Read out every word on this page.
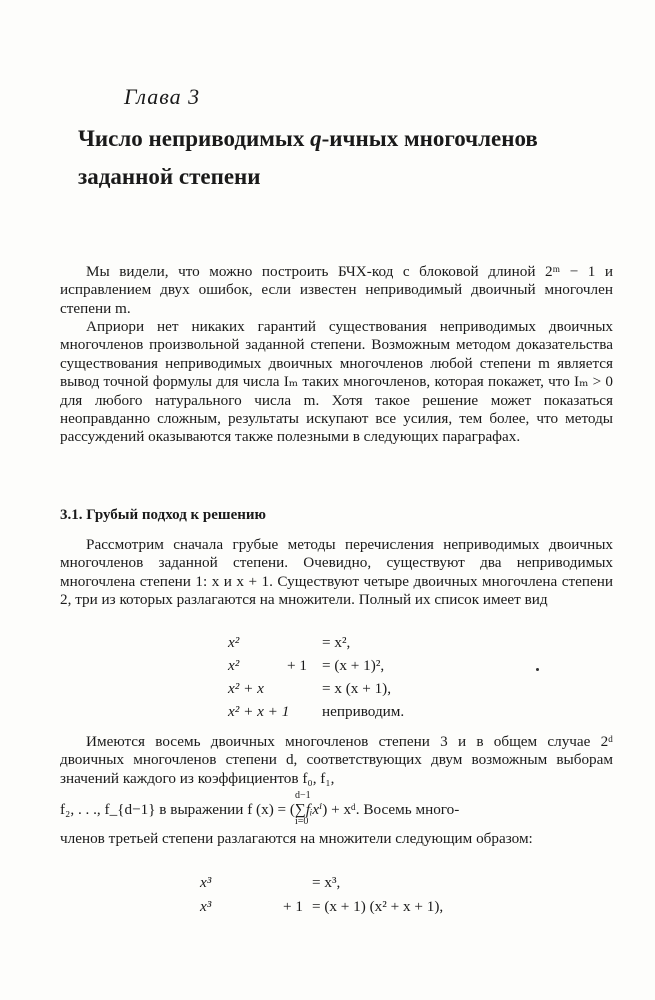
Глава 3
Число неприводимых q-ичных многочленов
заданной степени

Мы видели, что можно построить БЧХ-код с блоковой длиной 2ᵐ − 1 и исправлением двух ошибок, если известен неприводимый двоичный многочлен степени m.

Априори нет никаких гарантий существования неприводимых двоичных многочленов произвольной заданной степени. Возможным методом доказательства существования неприводимых двоичных многочленов любой степени m является вывод точной формулы для числа Iₘ таких многочленов, которая покажет, что Iₘ > 0 для любого натурального числа m. Хотя такое решение может показаться неоправданно сложным, результаты искупают все усилия, тем более, что методы рассуждений оказываются также полезными в следующих параграфах.

3.1. Грубый подход к решению

Рассмотрим сначала грубые методы перечисления неприводимых двоичных многочленов заданной степени. Очевидно, существуют два неприводимых многочлена степени 1: x и x + 1. Существуют четыре двоичных многочлена степени 2, три из которых разлагаются на множители. Полный их список имеет вид

x²	= x²,
x²	+ 1 = (x + 1)²,
x² + x	= x (x + 1),
x² + x + 1 неприводим.

Имеются восемь двоичных многочленов степени 3 и в общем случае 2ᵈ двоичных многочленов степени d, соответствующих двум возможным выборам значений каждого из коэффициентов f₀, f₁,

f₂, . . ., f_{d−1} в выражении f (x) = (
d−1
∑
i=0
fᵢxⁱ) + xᵈ. Восемь много-

членов третьей степени разлагаются на множители следующим образом:

x³	= x³,
x³	+ 1 = (x + 1) (x² + x + 1),
